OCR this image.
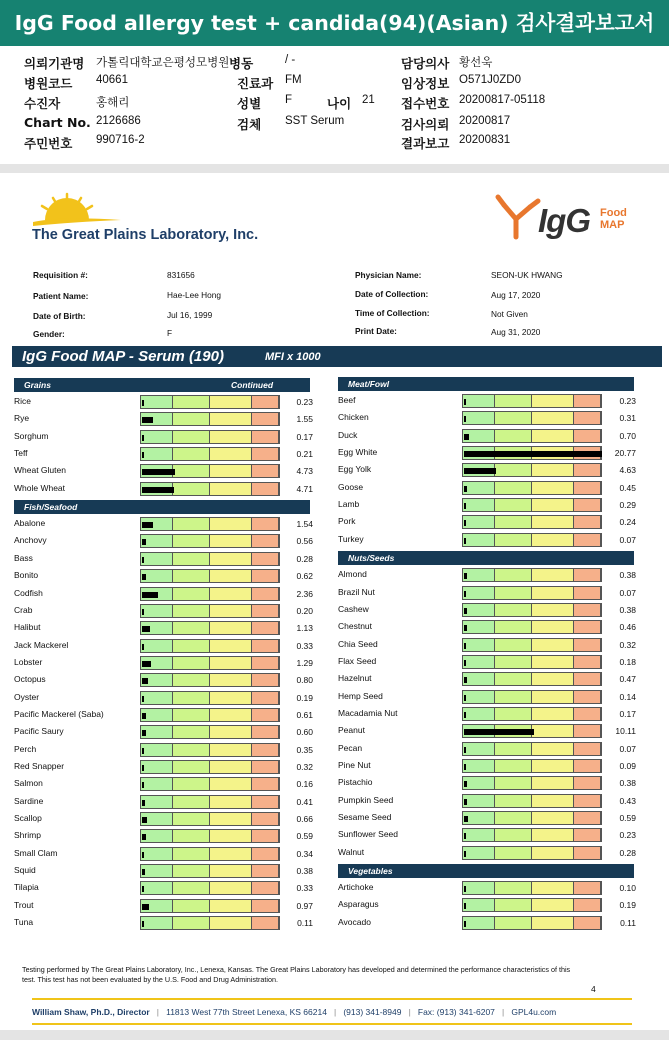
IgG Food allergy test + candida(94)(Asian) 검사결과보고서
의뢰기관명 가톨릭대학교은평성모병원 병동	/ -	담당의사 황선욱
병원코드 40661	진료과 FM	임상정보 O571J0ZD0
수진자	홍해리	성별 F	나이 21 접수번호 20200817-05118
Chart No. 2126686	검체 SST Serum	검사의뢰 20200817
주민번호 990716-2	결과보고 20200831
The Great Plains Laboratory, Inc.	IgG Food
MAP
Requisition #:	831656
Patient Name:	Hae-Lee Hong
Date of Birth:	Jul 16, 1999
Gender:	F
Physician Name:	SEON-UK HWANG
Date of Collection:	Aug 17, 2020
Time of Collection:	Not Given
Print Date:	Aug 31, 2020
IgG Food MAP - Serum (190)	MFI x 1000
Grains	Continued
Rice	0.23
Rye	1.55
Sorghum	0.17
Teff	0.21
Wheat Gluten	4.73
Whole Wheat	4.71
Fish/Seafood
Abalone	1.54
Anchovy	0.56
Bass	0.28
Bonito	0.62
Codfish	2.36
Crab	0.20
Halibut	1.13
Jack Mackerel	0.33
Lobster	1.29
Octopus	0.80
Oyster	0.19
Pacific Mackerel (Saba)	0.61
Pacific Saury	0.60
Perch	0.35
Red Snapper	0.32
Salmon	0.16
Sardine	0.41
Scallop	0.66
Shrimp	0.59
Small Clam	0.34
Squid	0.38
Tilapia	0.33
Trout	0.97
Tuna	0.11
Meat/Fowl
Beef	0.23
Chicken	0.31
Duck	0.70
Egg White	20.77
Egg Yolk	4.63
Goose	0.45
Lamb	0.29
Pork	0.24
Turkey	0.07
Nuts/Seeds
Almond	0.38
Brazil Nut	0.07
Cashew	0.38
Chestnut	0.46
Chia Seed	0.32
Flax Seed	0.18
Hazelnut	0.47
Hemp Seed	0.14
Macadamia Nut	0.17
Peanut	10.11
Pecan	0.07
Pine Nut	0.09
Pistachio	0.38
Pumpkin Seed	0.43
Sesame Seed	0.59
Sunflower Seed	0.23
Walnut	0.28
Vegetables
Artichoke	0.10
Asparagus	0.19
Avocado	0.11
Testing performed by The Great Plains Laboratory, Inc., Lenexa, Kansas. The Great Plains Laboratory has developed and determined the performance characteristics of this test. This test has not been evaluated by the U.S. Food and Drug Administration.
4
William Shaw, Ph.D., Director   |   11813 West 77th Street Lenexa, KS 66214   |   (913) 341-8949   |   Fax: (913) 341-6207   |   GPL4u.com
